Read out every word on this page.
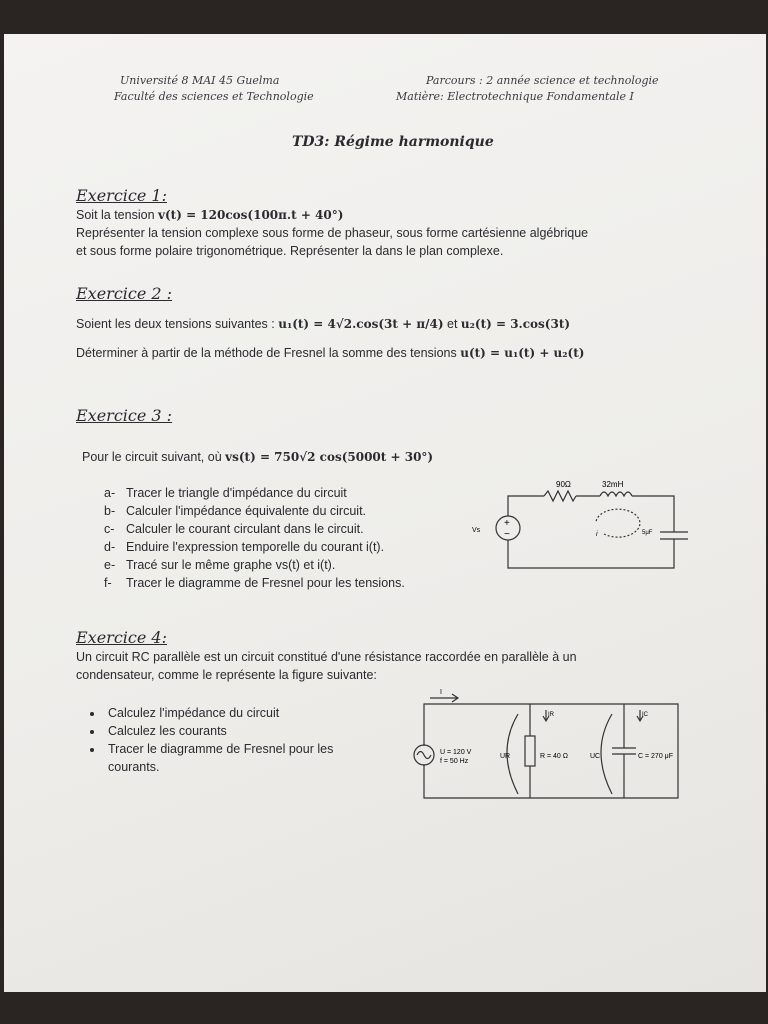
Université 8 MAI 45 Guelma
Faculté des sciences et Technologie
Parcours : 2 année science et technologie
Matière: Electrotechnique Fondamentale I
TD3: Régime harmonique
Exercice 1:
Soit la tension v(t) = 120cos(100π.t + 40°)
Représenter la tension complexe sous forme de phaseur, sous forme cartésienne algébrique
et sous forme polaire trigonométrique. Représenter la dans le plan complexe.
Exercice 2 :
Soient les deux tensions suivantes : u₁(t) = 4√2.cos(3t + π/4) et u₂(t) = 3.cos(3t)
Déterminer à partir de la méthode de Fresnel la somme des tensions u(t) = u₁(t) + u₂(t)
Exercice 3 :
Pour le circuit suivant, où vs(t) = 750√2 cos(5000t + 30°)
a- Tracer le triangle d'impédance du circuit
b- Calculer l'impédance équivalente du circuit.
c- Calculer le courant circulant dans le circuit.
d- Enduire l'expression temporelle du courant i(t).
e- Tracé sur le même graphe vs(t) et i(t).
f- Tracer le diagramme de Fresnel pour les tensions.
90Ω	32mH
5μF
Vs
+
−	i
Exercice 4:
Un circuit RC parallèle est un circuit constitué d'une résistance raccordée en parallèle à un
condensateur, comme le représente la figure suivante:
• Calculez l'impédance du circuit
• Calculez les courants
• Tracer le diagramme de Fresnel pour les courants.
I
IR	IC
U = 120 V
f = 50 Hz
UR	R = 40 Ω	UC	C = 270 μF
